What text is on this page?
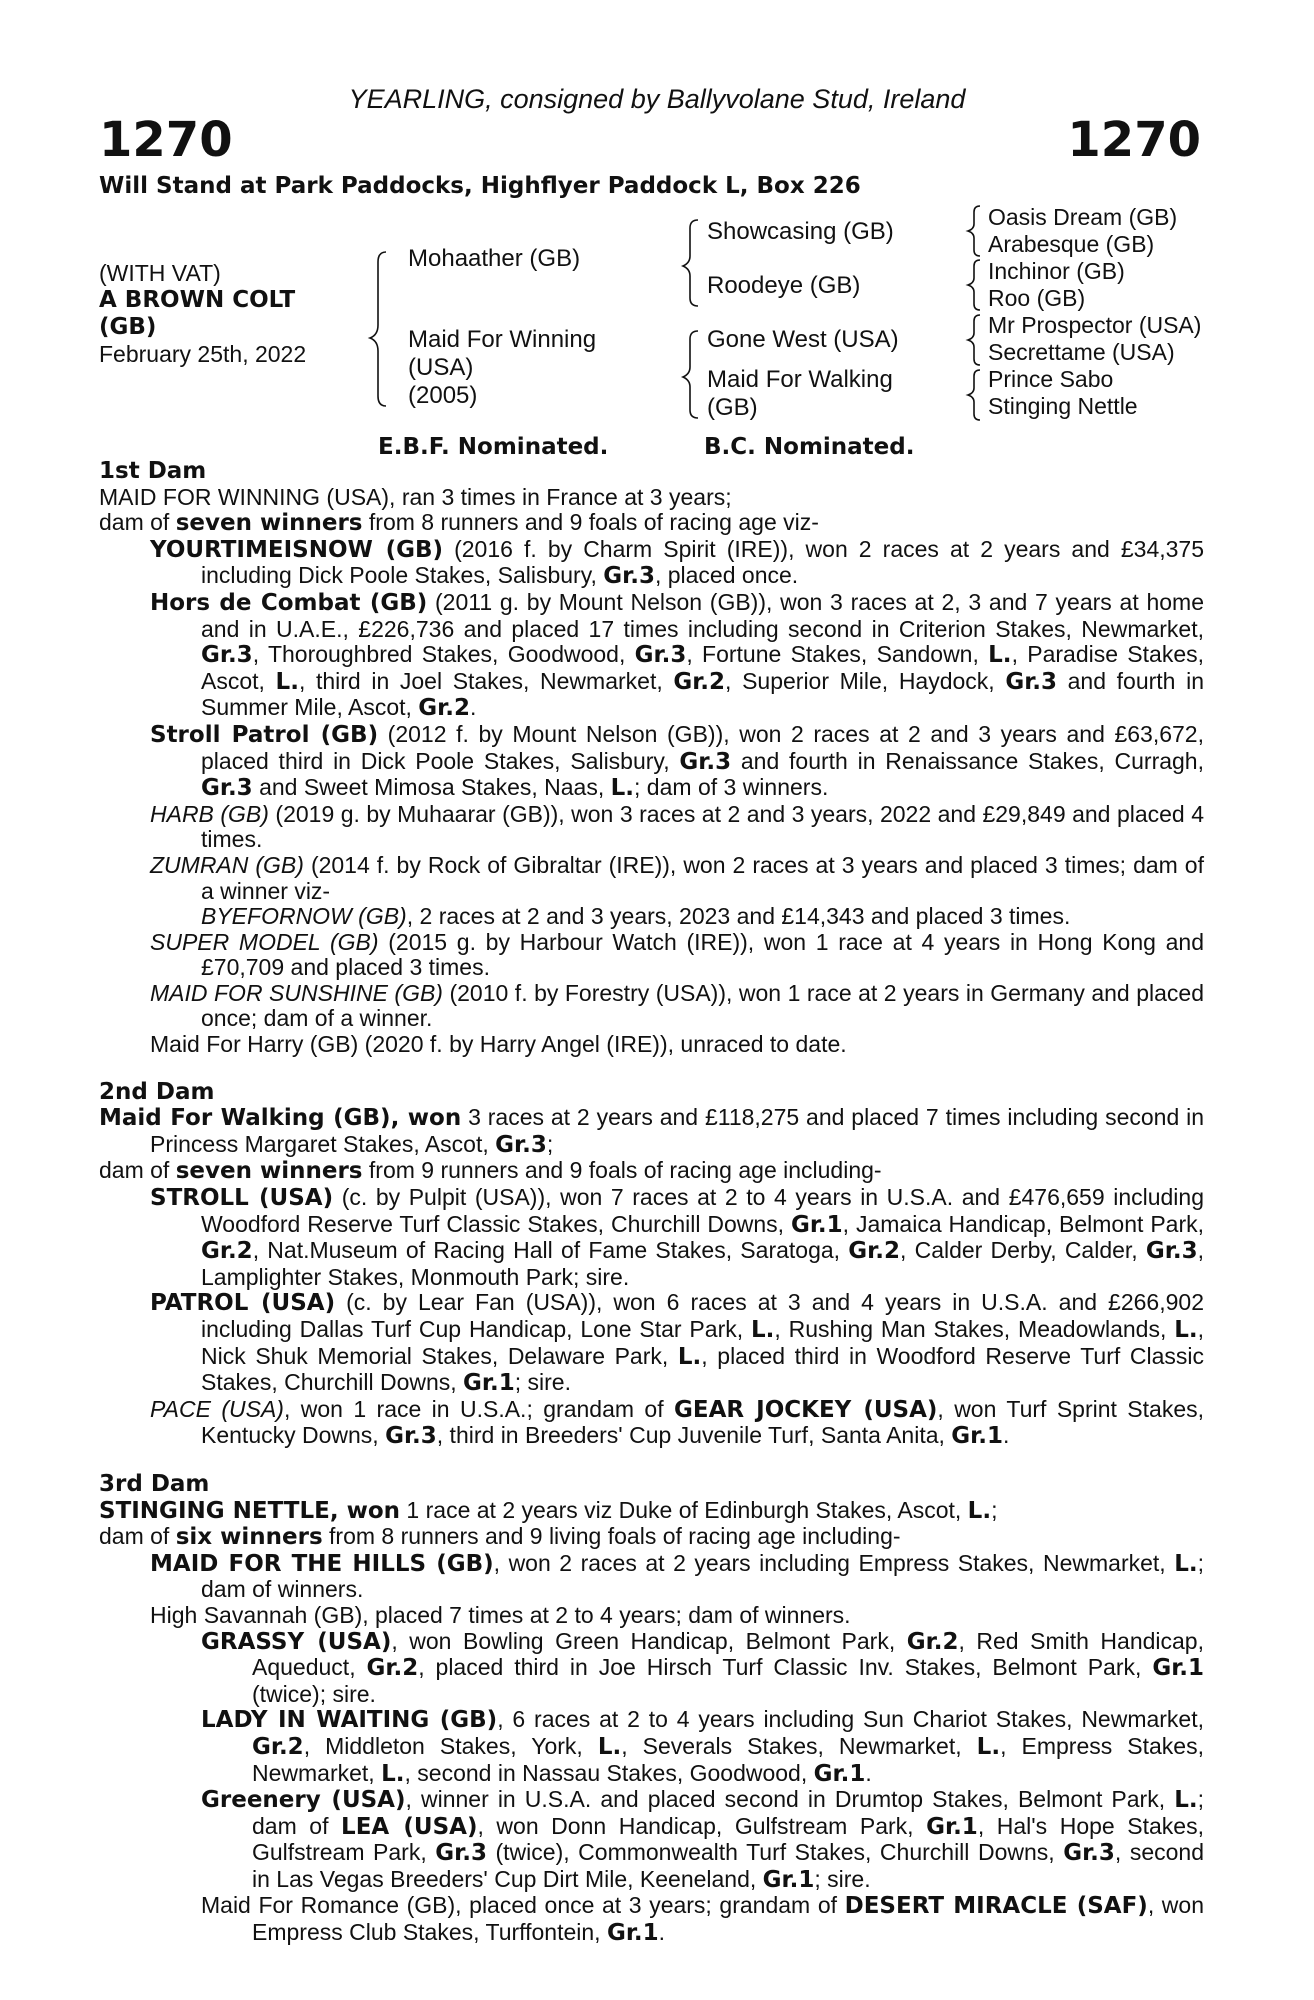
YEARLING, consigned by Ballyvolane Stud, Ireland
1270	1270
Will Stand at Park Paddocks, Highflyer Paddock L, Box 226
(WITH VAT)
A BROWN COLT
(GB)
February 25th, 2022
Mohaather (GB)
Maid For Winning
(USA)
(2005)
Showcasing (GB)
Roodeye (GB)
Gone West (USA)
Maid For Walking
(GB)
Oasis Dream (GB)
Arabesque (GB)
Inchinor (GB)
Roo (GB)
Mr Prospector (USA)
Secrettame (USA)
Prince Sabo
Stinging Nettle
E.B.F. Nominated.	B.C. Nominated.

1st Dam

MAID FOR WINNING (USA), ran 3 times in France at 3 years;

dam of seven winners from 8 runners and 9 foals of racing age viz-

YOURTIMEISNOW (GB) (2016 f. by Charm Spirit (IRE)), won 2 races at 2 years and £34,375 including Dick Poole Stakes, Salisbury, Gr.3, placed once.

Hors de Combat (GB) (2011 g. by Mount Nelson (GB)), won 3 races at 2, 3 and 7 years at home and in U.A.E., £226,736 and placed 17 times including second in Criterion Stakes, Newmarket, Gr.3, Thoroughbred Stakes, Goodwood, Gr.3, Fortune Stakes, Sandown, L., Paradise Stakes, Ascot, L., third in Joel Stakes, Newmarket, Gr.2, Superior Mile, Haydock, Gr.3 and fourth in Summer Mile, Ascot, Gr.2.

Stroll Patrol (GB) (2012 f. by Mount Nelson (GB)), won 2 races at 2 and 3 years and £63,672, placed third in Dick Poole Stakes, Salisbury, Gr.3 and fourth in Renaissance Stakes, Curragh, Gr.3 and Sweet Mimosa Stakes, Naas, L.; dam of 3 winners.

HARB (GB) (2019 g. by Muhaarar (GB)), won 3 races at 2 and 3 years, 2022 and £29,849 and placed 4 times.

ZUMRAN (GB) (2014 f. by Rock of Gibraltar (IRE)), won 2 races at 3 years and placed 3 times; dam of a winner viz-

BYEFORNOW (GB), 2 races at 2 and 3 years, 2023 and £14,343 and placed 3 times.

SUPER MODEL (GB) (2015 g. by Harbour Watch (IRE)), won 1 race at 4 years in Hong Kong and £70,709 and placed 3 times.

MAID FOR SUNSHINE (GB) (2010 f. by Forestry (USA)), won 1 race at 2 years in Germany and placed once; dam of a winner.

Maid For Harry (GB) (2020 f. by Harry Angel (IRE)), unraced to date.

2nd Dam

Maid For Walking (GB), won 3 races at 2 years and £118,275 and placed 7 times including second in Princess Margaret Stakes, Ascot, Gr.3;

dam of seven winners from 9 runners and 9 foals of racing age including-

STROLL (USA) (c. by Pulpit (USA)), won 7 races at 2 to 4 years in U.S.A. and £476,659 including Woodford Reserve Turf Classic Stakes, Churchill Downs, Gr.1, Jamaica Handicap, Belmont Park, Gr.2, Nat.Museum of Racing Hall of Fame Stakes, Saratoga, Gr.2, Calder Derby, Calder, Gr.3, Lamplighter Stakes, Monmouth Park; sire.

PATROL (USA) (c. by Lear Fan (USA)), won 6 races at 3 and 4 years in U.S.A. and £266,902 including Dallas Turf Cup Handicap, Lone Star Park, L., Rushing Man Stakes, Meadowlands, L., Nick Shuk Memorial Stakes, Delaware Park, L., placed third in Woodford Reserve Turf Classic Stakes, Churchill Downs, Gr.1; sire.

PACE (USA), won 1 race in U.S.A.; grandam of GEAR JOCKEY (USA), won Turf Sprint Stakes, Kentucky Downs, Gr.3, third in Breeders' Cup Juvenile Turf, Santa Anita, Gr.1.

3rd Dam

STINGING NETTLE, won 1 race at 2 years viz Duke of Edinburgh Stakes, Ascot, L.;

dam of six winners from 8 runners and 9 living foals of racing age including-

MAID FOR THE HILLS (GB), won 2 races at 2 years including Empress Stakes, Newmarket, L.; dam of winners.

High Savannah (GB), placed 7 times at 2 to 4 years; dam of winners.

GRASSY (USA), won Bowling Green Handicap, Belmont Park, Gr.2, Red Smith Handicap, Aqueduct, Gr.2, placed third in Joe Hirsch Turf Classic Inv. Stakes, Belmont Park, Gr.1 (twice); sire.

LADY IN WAITING (GB), 6 races at 2 to 4 years including Sun Chariot Stakes, Newmarket, Gr.2, Middleton Stakes, York, L., Severals Stakes, Newmarket, L., Empress Stakes, Newmarket, L., second in Nassau Stakes, Goodwood, Gr.1.

Greenery (USA), winner in U.S.A. and placed second in Drumtop Stakes, Belmont Park, L.; dam of LEA (USA), won Donn Handicap, Gulfstream Park, Gr.1, Hal's Hope Stakes, Gulfstream Park, Gr.3 (twice), Commonwealth Turf Stakes, Churchill Downs, Gr.3, second in Las Vegas Breeders' Cup Dirt Mile, Keeneland, Gr.1; sire.

Maid For Romance (GB), placed once at 3 years; grandam of DESERT MIRACLE (SAF), won Empress Club Stakes, Turffontein, Gr.1.
